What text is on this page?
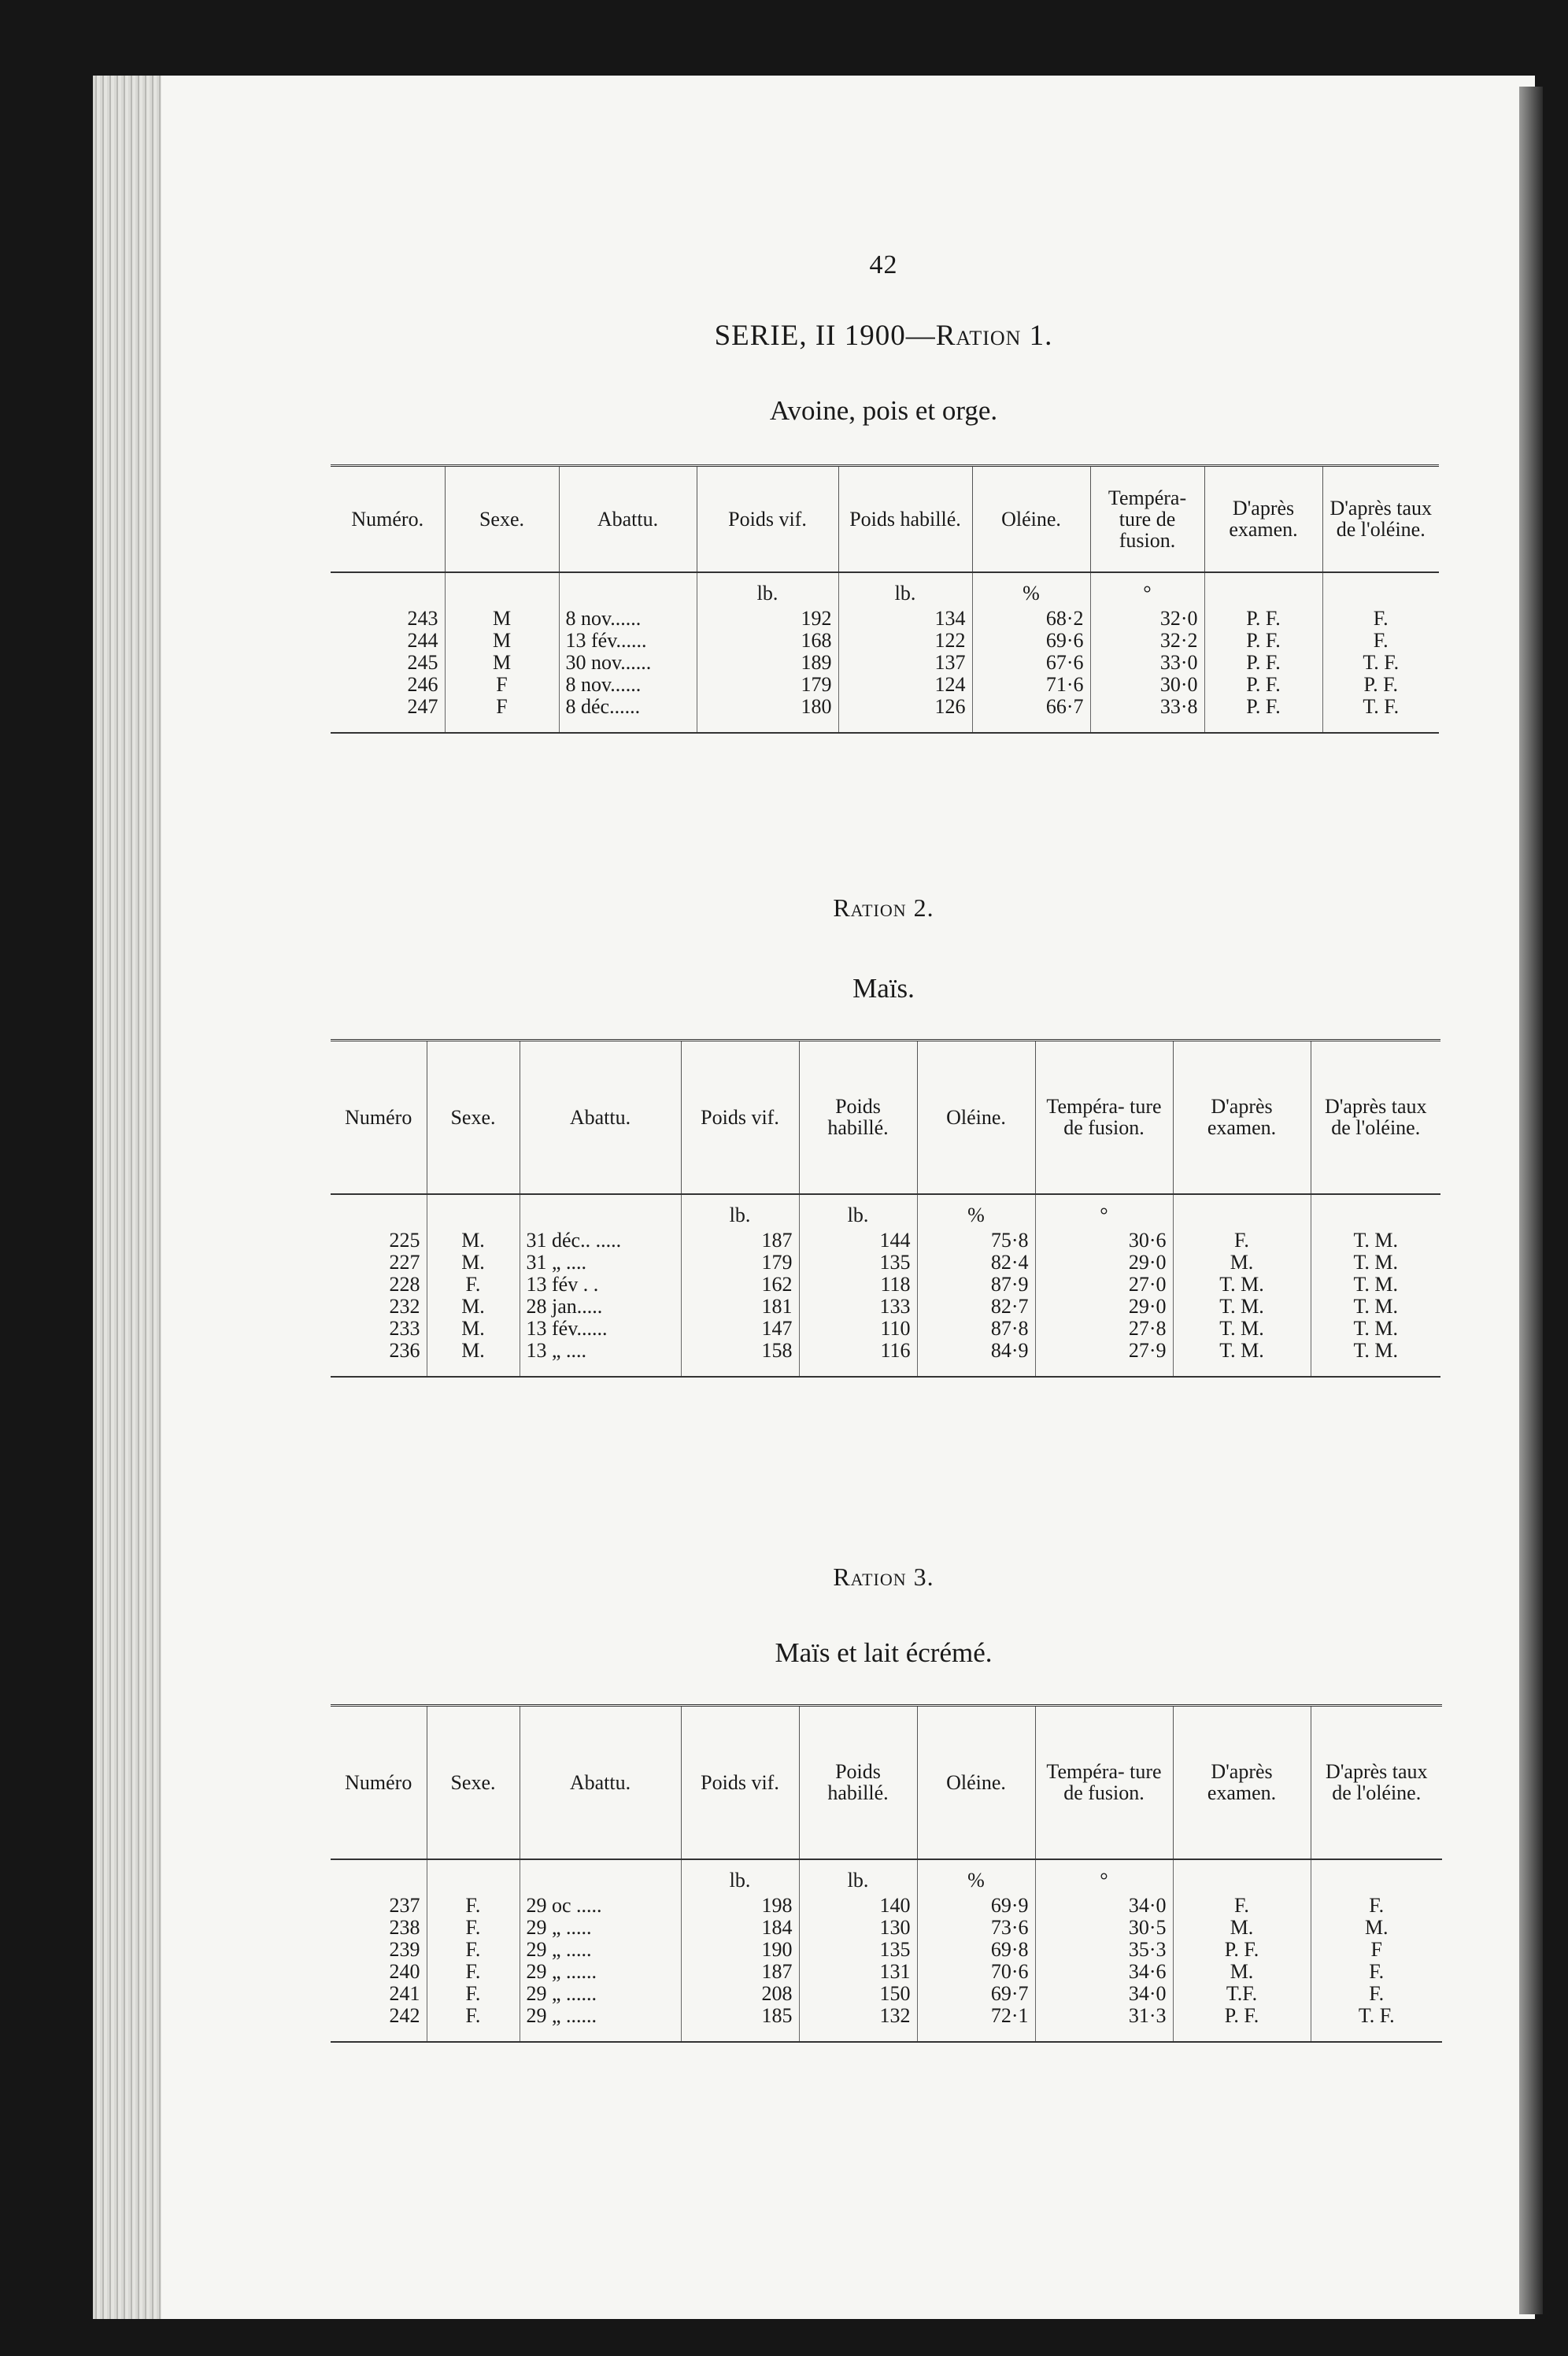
42
SERIE, II 1900—Ration 1.
Avoine, pois et orge.
Numéro.	Sexe.	Abattu.	Poids vif.	Poids habillé.	Oléine.	Tempéra- ture de fusion.	D'après examen.	D'après taux de l'oléine.
			lb.	lb.	%	°		
243	M	8 nov......	192	134	68·2	32·0	P. F.	F.
244	M	13 fév......	168	122	69·6	32·2	P. F.	F.
245	M	30 nov......	189	137	67·6	33·0	P. F.	T. F.
246	F	8 nov......	179	124	71·6	30·0	P. F.	P. F.
247	F	8 déc......	180	126	66·7	33·8	P. F.	T. F.
Ration 2.
Maïs.
Numéro	Sexe.	Abattu.	Poids vif.	Poids habillé.	Oléine.	Tempéra- ture de fusion.	D'après examen.	D'après taux de l'oléine.
			lb.	lb.	%	°		
225	M.	31 déc.. .....	187	144	75·8	30·6	F.	T. M.
227	M.	31 „ ....	179	135	82·4	29·0	M.	T. M.
228	F.	13 fév . .	162	118	87·9	27·0	T. M.	T. M.
232	M.	28 jan.....	181	133	82·7	29·0	T. M.	T. M.
233	M.	13 fév......	147	110	87·8	27·8	T. M.	T. M.
236	M.	13 „ ....	158	116	84·9	27·9	T. M.	T. M.
Ration 3.
Maïs et lait écrémé.
Numéro	Sexe.	Abattu.	Poids vif.	Poids habillé.	Oléine.	Tempéra- ture de fusion.	D'après examen.	D'après taux de l'oléine.
			lb.	lb.	%	°		
237	F.	29 oc .....	198	140	69·9	34·0	F.	F.
238	F.	29 „ .....	184	130	73·6	30·5	M.	M.
239	F.	29 „ .....	190	135	69·8	35·3	P. F.	F
240	F.	29 „ ......	187	131	70·6	34·6	M.	F.
241	F.	29 „ ......	208	150	69·7	34·0	T.F.	F.
242	F.	29 „ ......	185	132	72·1	31·3	P. F.	T. F.
